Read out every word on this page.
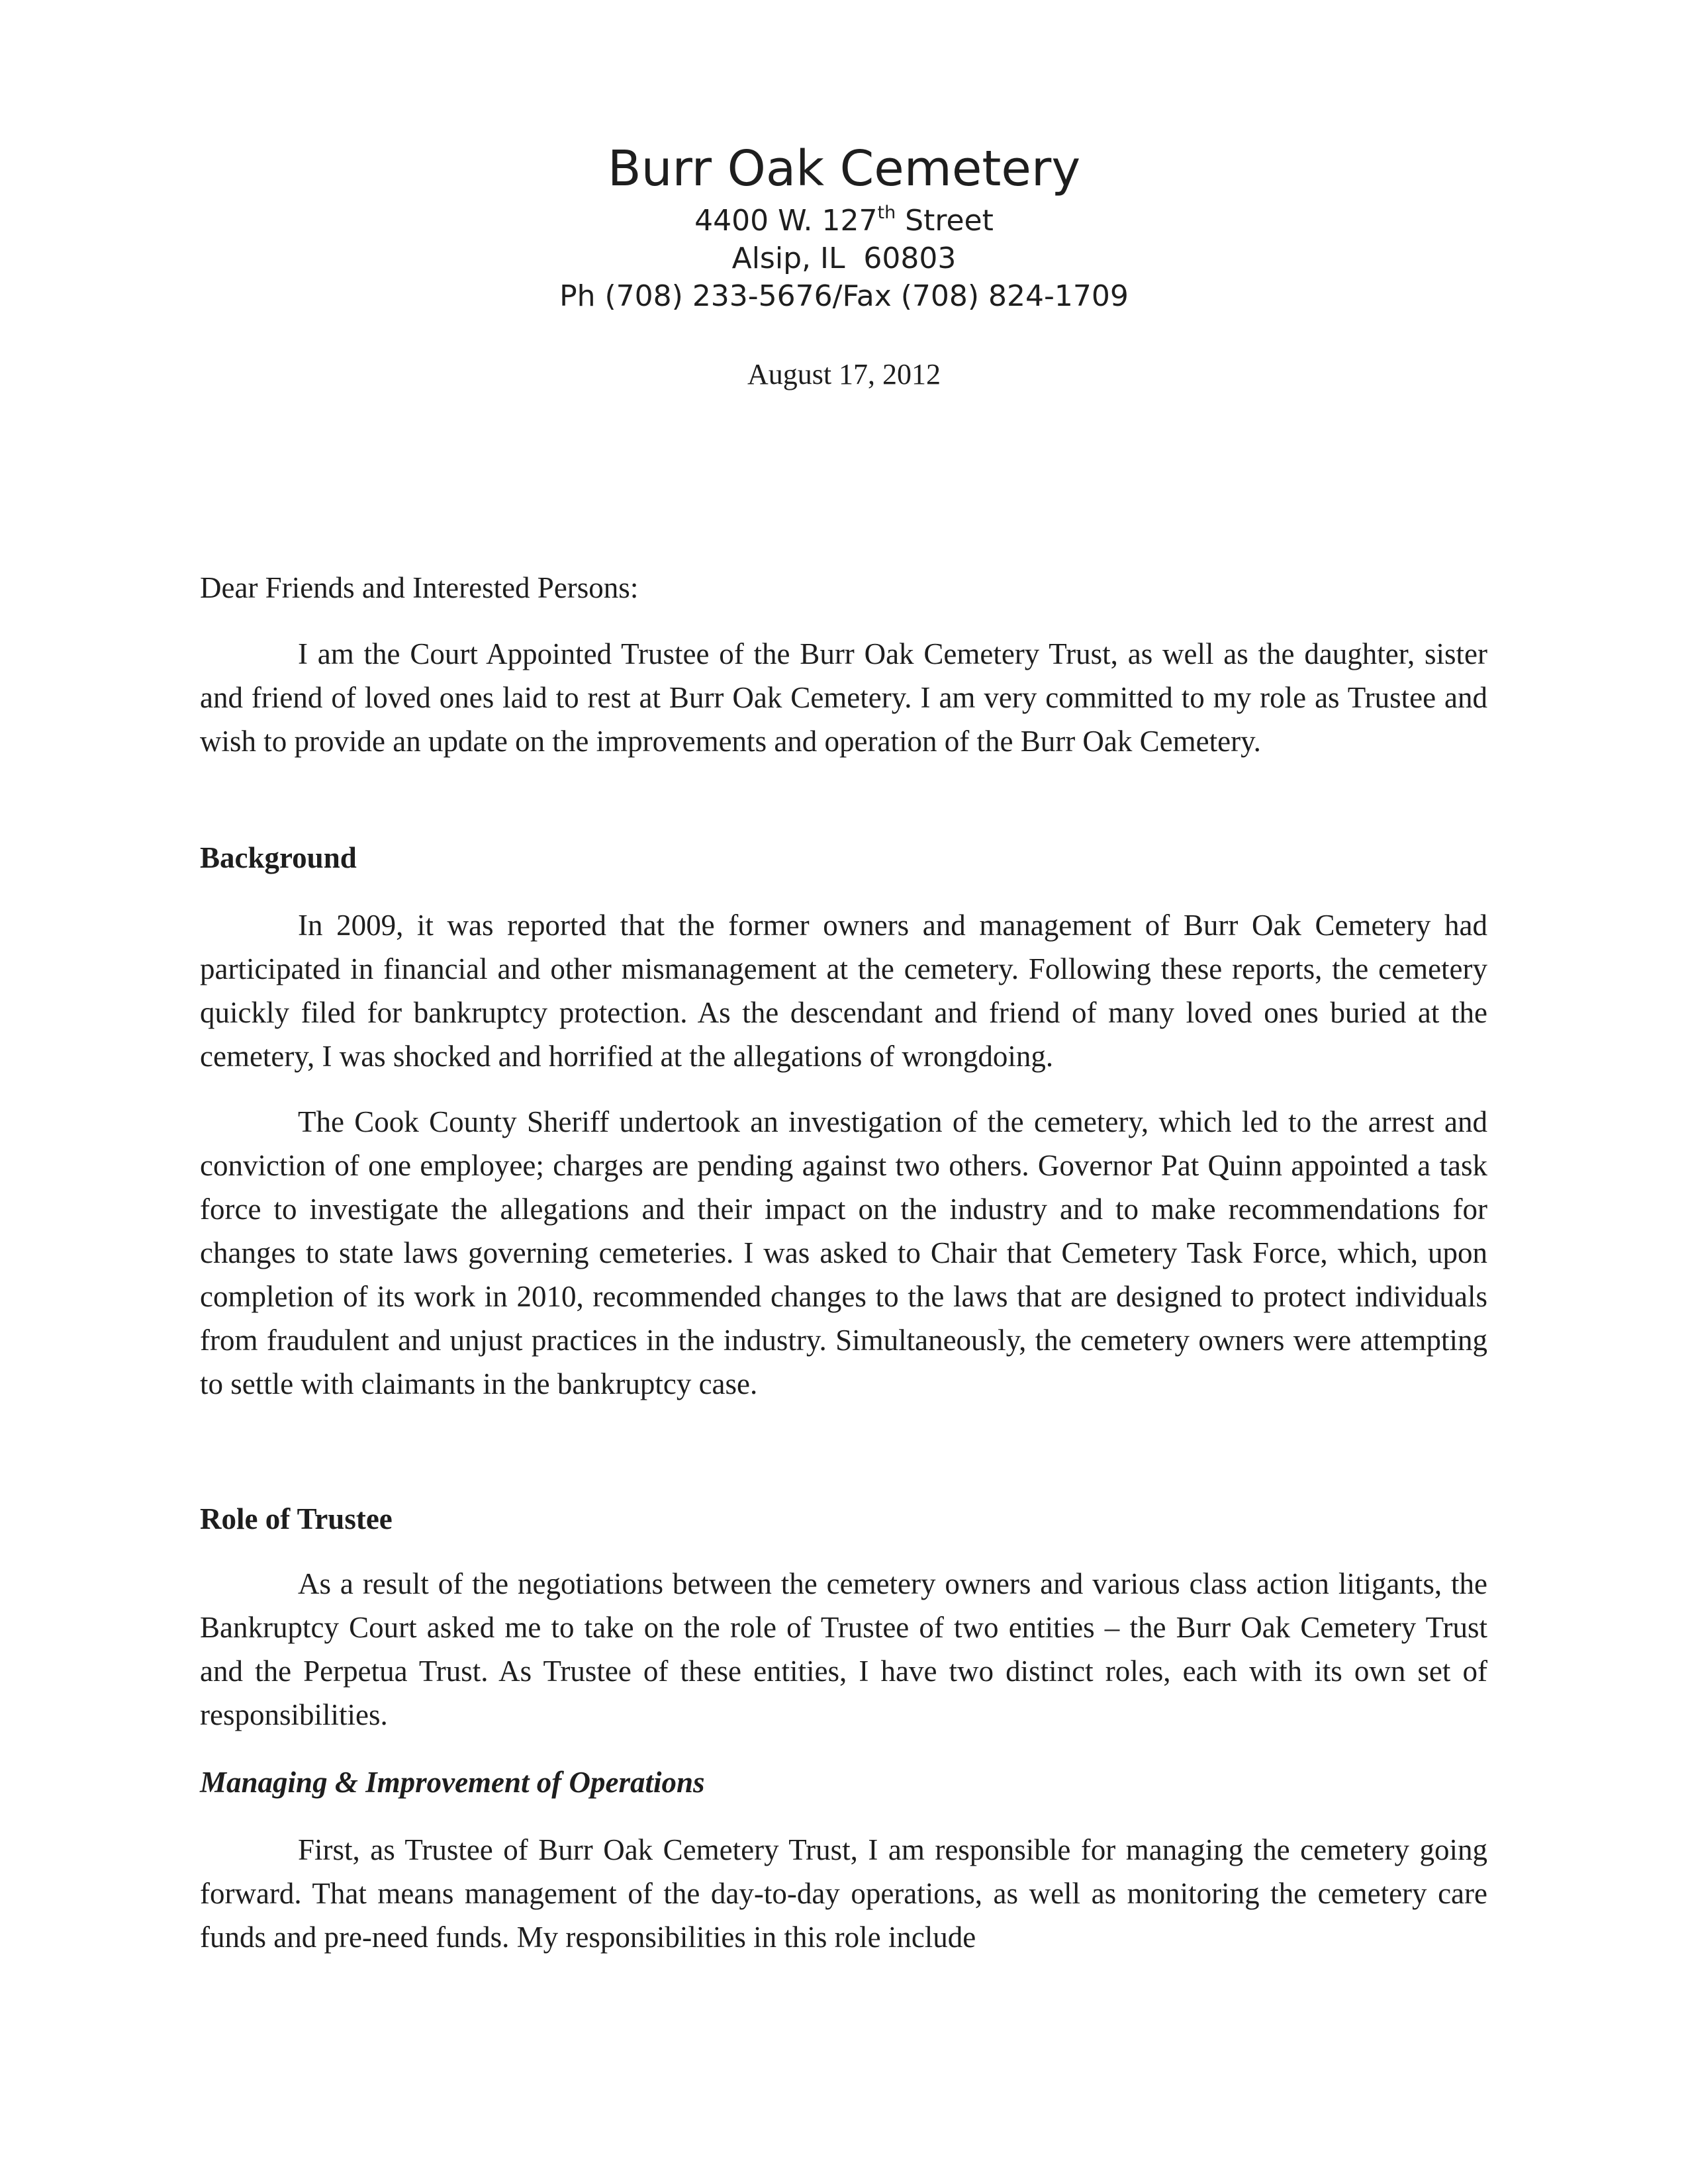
Burr Oak Cemetery
4400 W. 127th Street
Alsip, IL  60803
Ph (708) 233-5676/Fax (708) 824-1709
August 17, 2012
Dear Friends and Interested Persons:

I am the Court Appointed Trustee of the Burr Oak Cemetery Trust, as well as the daughter, sister and friend of loved ones laid to rest at Burr Oak Cemetery. I am very committed to my role as Trustee and wish to provide an update on the improvements and operation of the Burr Oak Cemetery.

Background

In 2009, it was reported that the former owners and management of Burr Oak Cemetery had participated in financial and other mismanagement at the cemetery. Following these reports, the cemetery quickly filed for bankruptcy protection. As the descendant and friend of many loved ones buried at the cemetery, I was shocked and horrified at the allegations of wrongdoing.

The Cook County Sheriff undertook an investigation of the cemetery, which led to the arrest and conviction of one employee; charges are pending against two others. Governor Pat Quinn appointed a task force to investigate the allegations and their impact on the industry and to make recommendations for changes to state laws governing cemeteries. I was asked to Chair that Cemetery Task Force, which, upon completion of its work in 2010, recommended changes to the laws that are designed to protect individuals from fraudulent and unjust practices in the industry. Simultaneously, the cemetery owners were attempting to settle with claimants in the bankruptcy case.

Role of Trustee

As a result of the negotiations between the cemetery owners and various class action litigants, the Bankruptcy Court asked me to take on the role of Trustee of two entities – the Burr Oak Cemetery Trust and the Perpetua Trust. As Trustee of these entities, I have two distinct roles, each with its own set of responsibilities.

Managing & Improvement of Operations

First, as Trustee of Burr Oak Cemetery Trust, I am responsible for managing the cemetery going forward. That means management of the day-to-day operations, as well as monitoring the cemetery care funds and pre-need funds. My responsibilities in this role include
